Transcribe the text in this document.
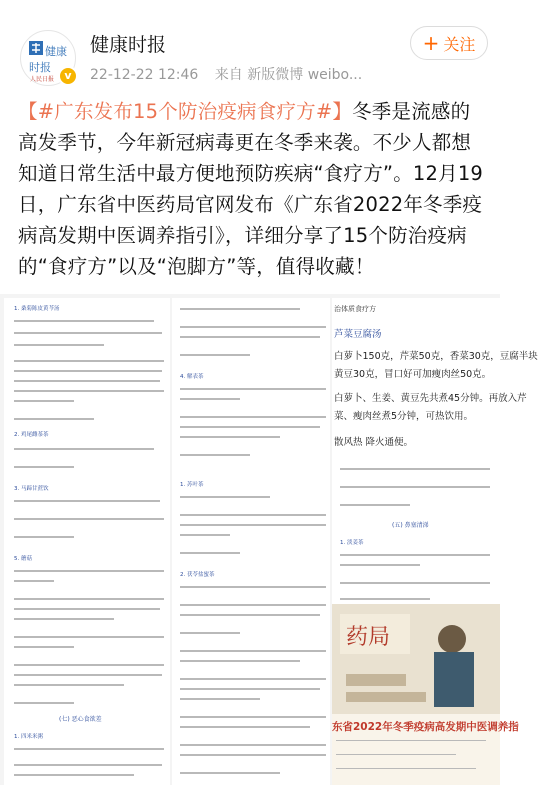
健康
时报
人民日报 v
健康时报
22-12-22 12:46 来自 新版微博 weibo...
+ 关注
【#广东发布15个防治疫病食疗方#】冬季是流感的高发季节，今年新冠病毒更在冬季来袭。不少人都想知道日常生活中最方便地预防疾病“食疗方”。12月19日，广东省中医药局官网发布《广东省2022年冬季疫病高发期中医调养指引》，详细分享了15个防治疫病的“食疗方”以及“泡脚方”等，值得收藏！
1. 桑菊陈皮黄芩汤
2. 鸡尾雌茶茶
3. 马蹄甘蔗饮
5. 蘑菇
(七) 恶心食欲差
1. 四米米粥
4. 解表茶
1. 苏叶茶
2. 茯苓盐蜜茶
治体质食疗方
芦菜豆腐汤
白萝卜150克，芹菜50克，香菜30克，豆腐半块
黄豆30克，冒口好可加瘦肉丝50克。
白萝卜、生姜、黄豆先共煮45分钟。再放入芹
菜、瘦肉丝煮5分钟，可热饮用。
散风热 降火通便。
(五) 鼻塞清涕
1. 淡姜茶
药局
东省2022年冬季疫病高发期中医调养指
